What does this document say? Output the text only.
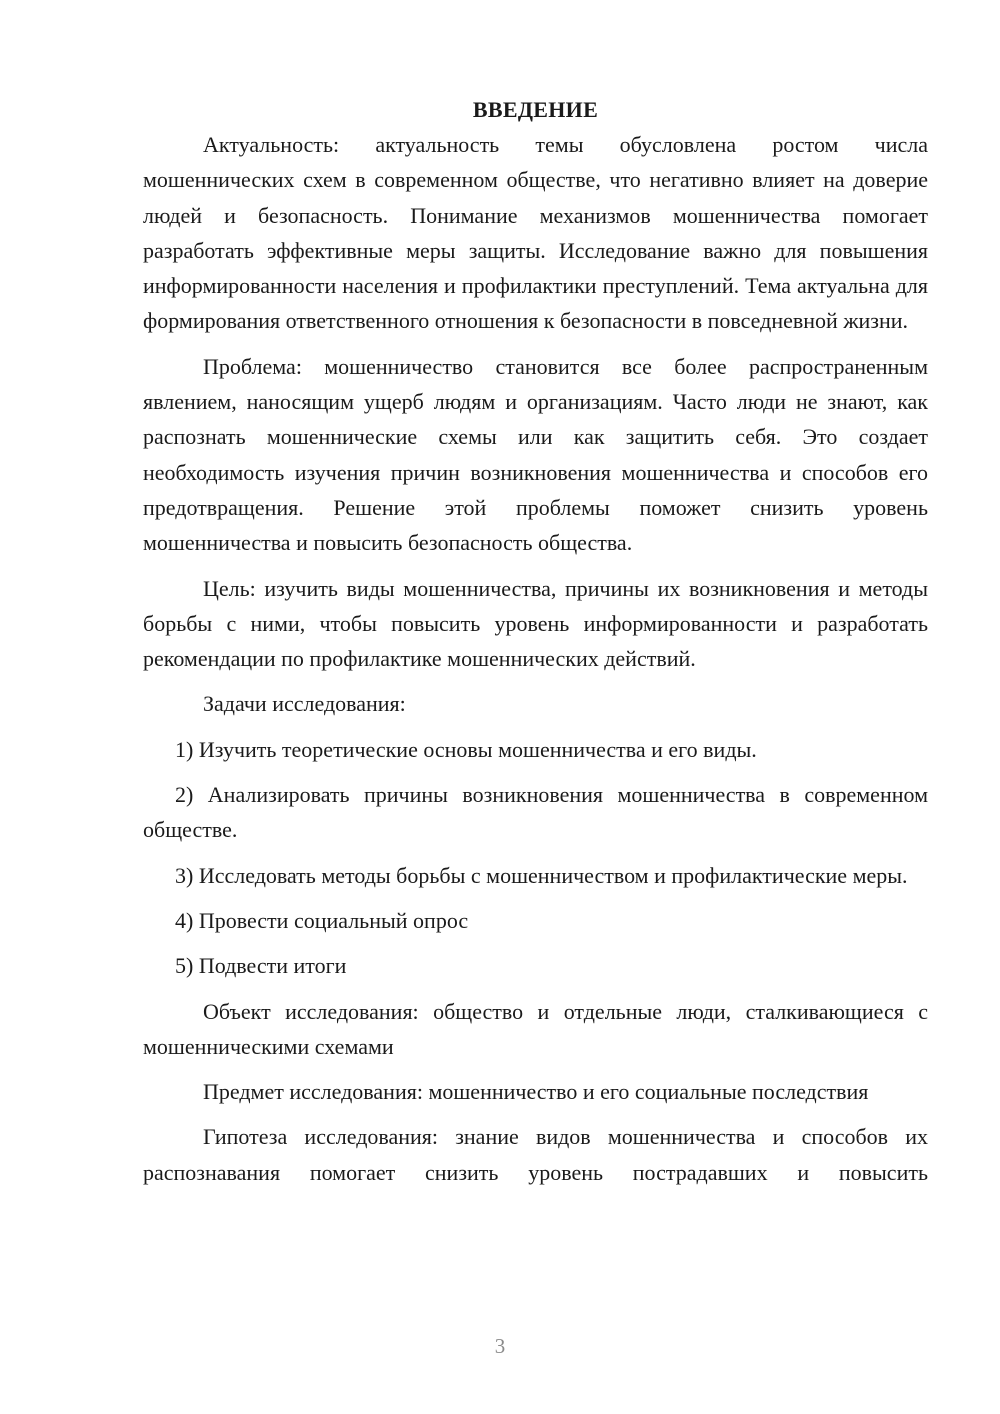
ВВЕДЕНИЕ

Актуальность: актуальность темы обусловлена ростом числа мошеннических схем в современном обществе, что негативно влияет на доверие людей и безопасность. Понимание механизмов мошенничества помогает разработать эффективные меры защиты. Исследование важно для повышения информированности населения и профилактики преступлений. Тема актуальна для формирования ответственного отношения к безопасности в повседневной жизни.

Проблема: мошенничество становится все более распространенным явлением, наносящим ущерб людям и организациям. Часто люди не знают, как распознать мошеннические схемы или как защитить себя. Это создает необходимость изучения причин возникновения мошенничества и способов его предотвращения. Решение этой проблемы поможет снизить уровень мошенничества и повысить безопасность общества.

Цель: изучить виды мошенничества, причины их возникновения и методы борьбы с ними, чтобы повысить уровень информированности и разработать рекомендации по профилактике мошеннических действий.

Задачи исследования:

1) Изучить теоретические основы мошенничества и его виды.

2) Анализировать причины возникновения мошенничества в современном обществе.

3) Исследовать методы борьбы с мошенничеством и профилактические меры.

4) Провести социальный опрос

5) Подвести итоги

Объект исследования: общество и отдельные люди, сталкивающиеся с мошенническими схемами

Предмет исследования: мошенничество и его социальные последствия

Гипотеза исследования: знание видов мошенничества и способов их распознавания помогает снизить уровень пострадавших и повысить

3
